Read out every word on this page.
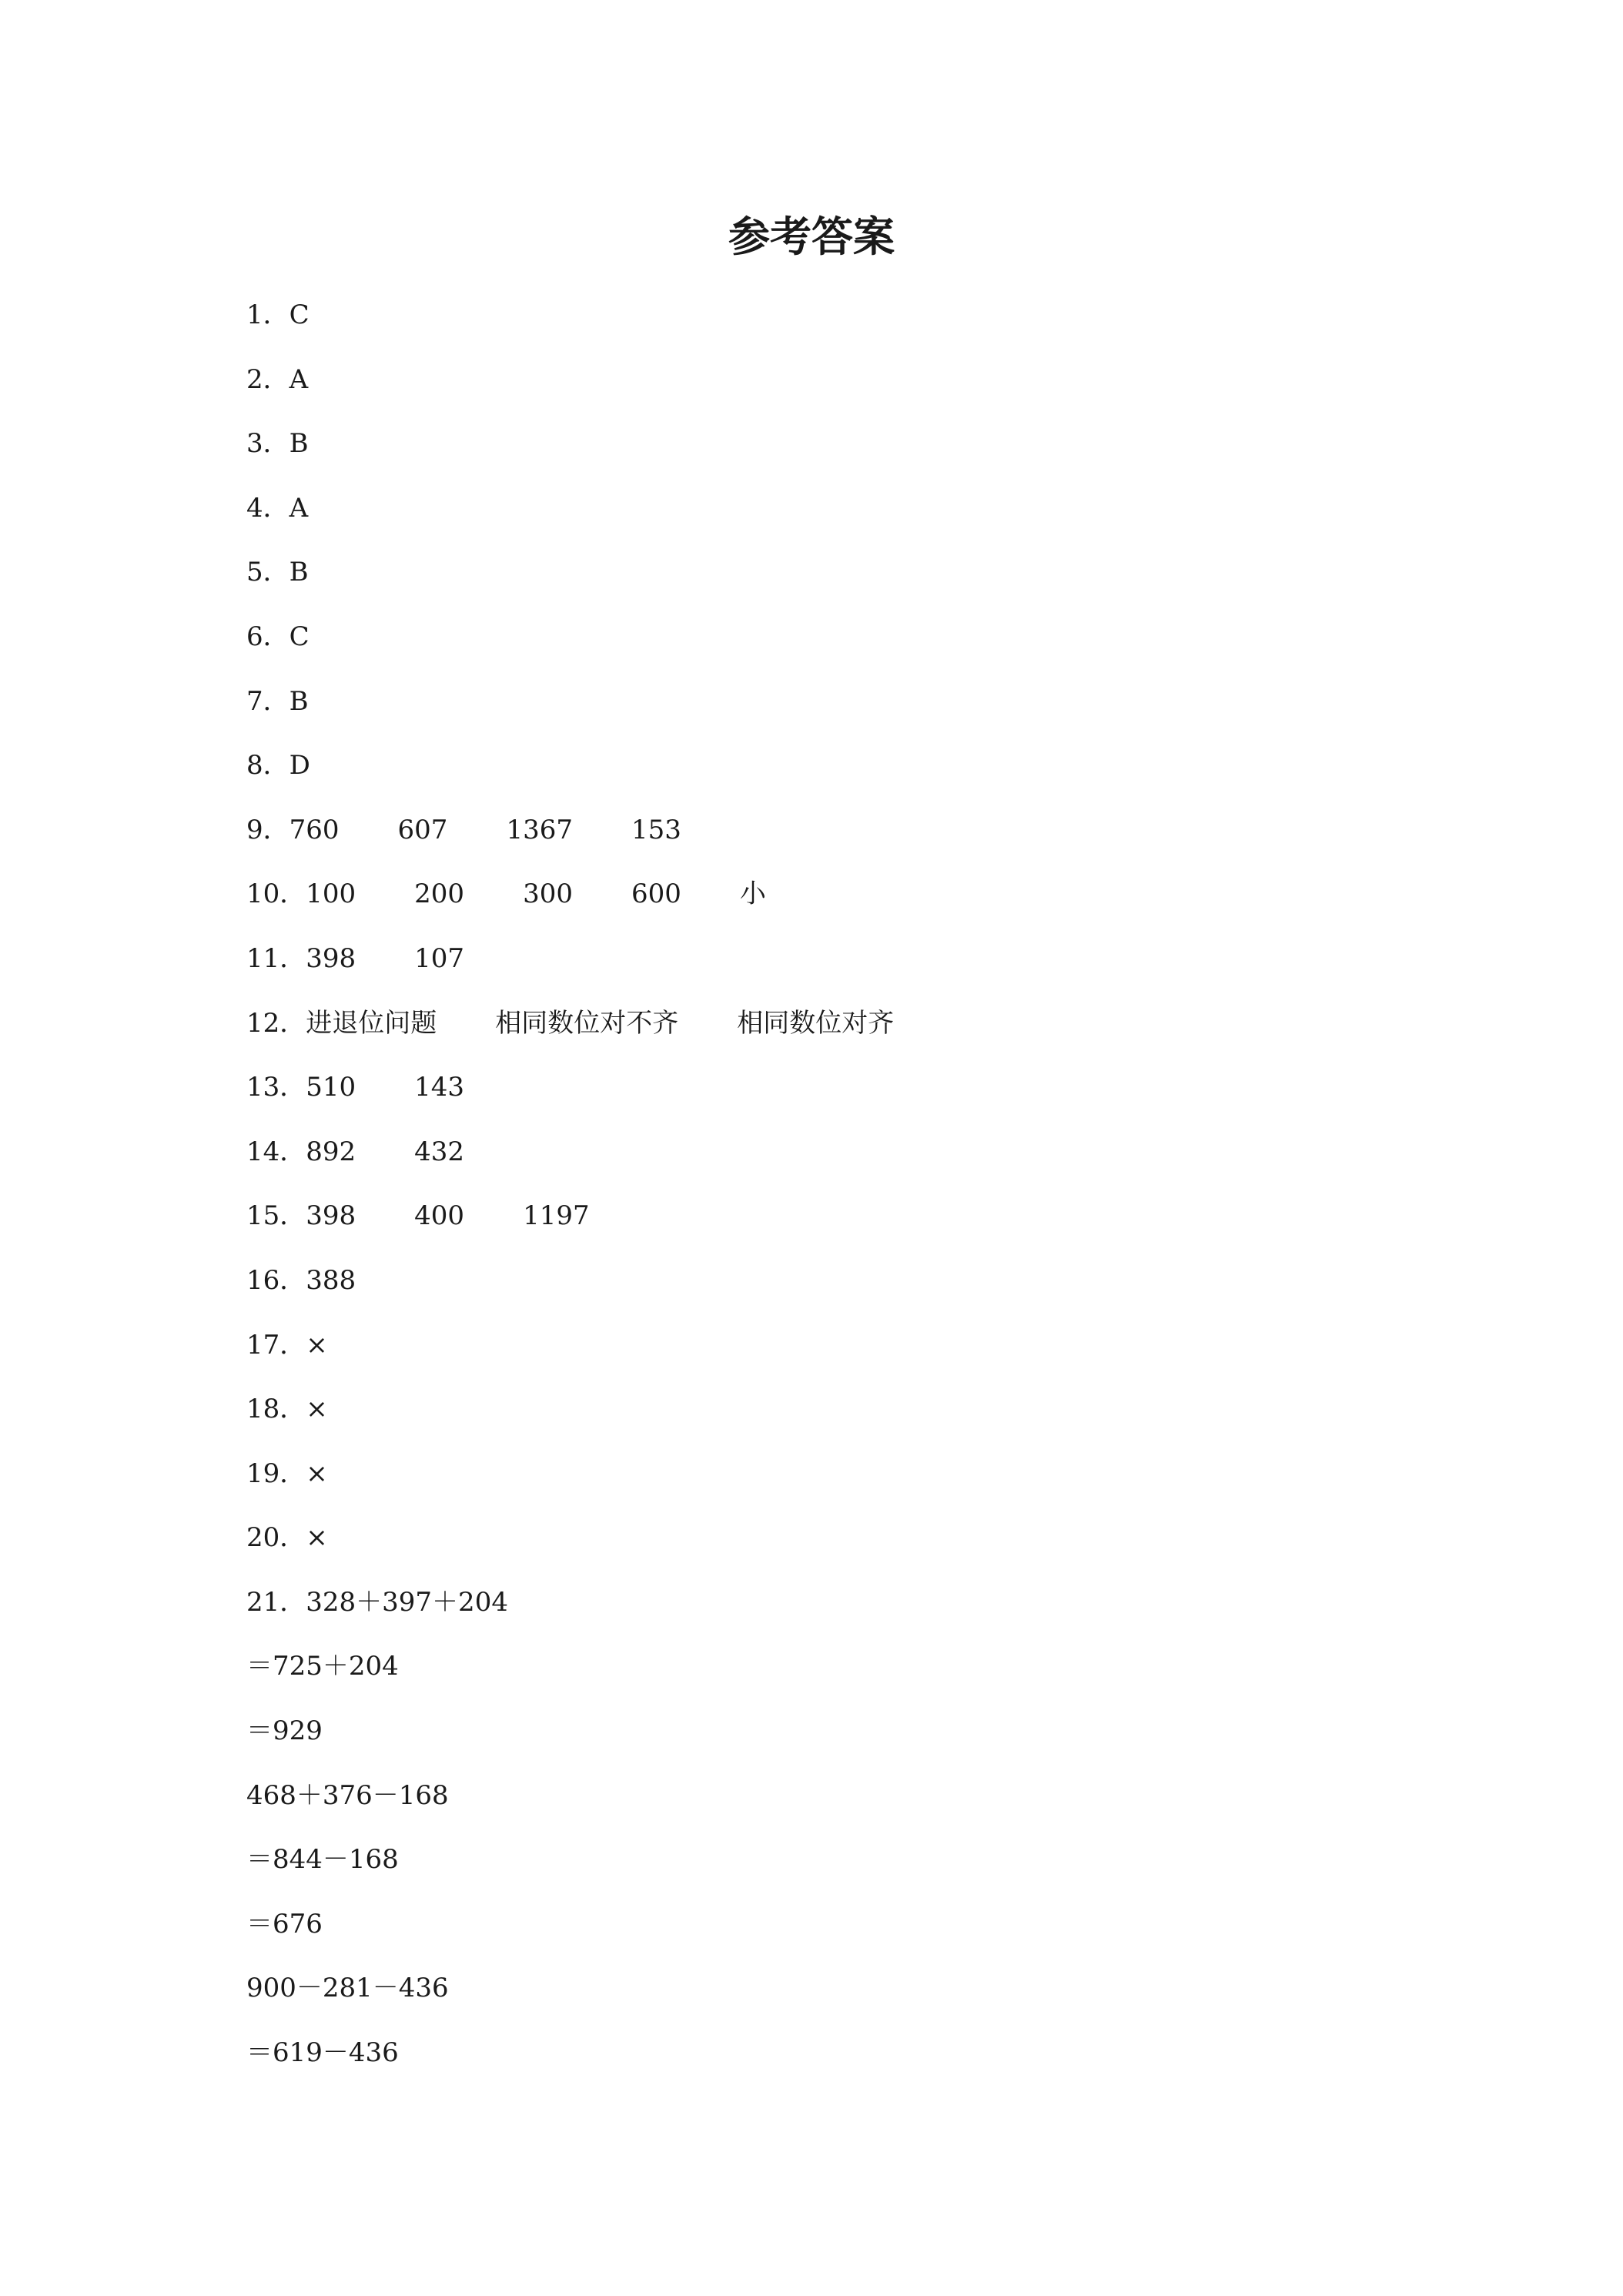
参考答案
1．C
2．A
3．B
4．A
5．B
6．C
7．B
8．D
9．760 607 1367 153
10．100 200 300 600 小
11．398 107
12．进退位问题 相同数位对不齐 相同数位对齐
13．510 143
14．892 432
15．398 400 1197
16．388
17．×
18．×
19．×
20．×
21．328＋397＋204
＝725＋204
＝929
468＋376－168
＝844－168
＝676
900－281－436
＝619－436
